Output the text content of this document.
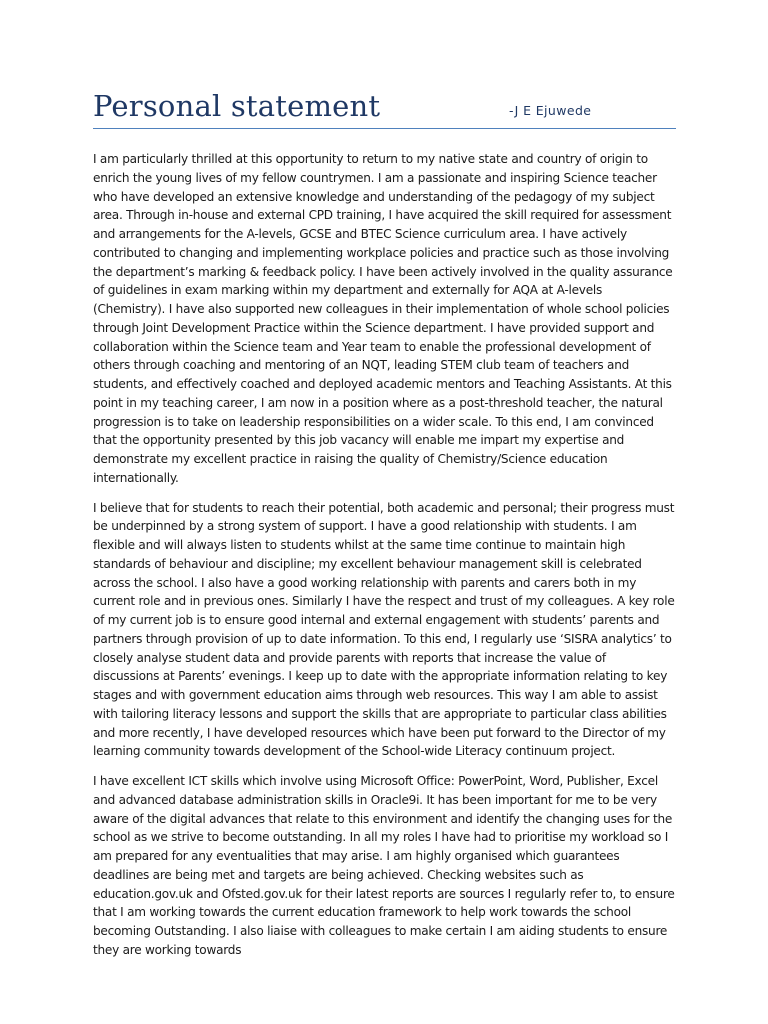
Personal statement	-J E Ejuwede

I am particularly thrilled at this opportunity to return to my native state and country of origin to enrich the young lives of my fellow countrymen. I am a passionate and inspiring Science teacher who have developed an extensive knowledge and understanding of the pedagogy of my subject area. Through in-house and external CPD training, I have acquired the skill required for assessment and arrangements for the A-levels, GCSE and BTEC Science curriculum area. I have actively contributed to changing and implementing workplace policies and practice such as those involving the department’s marking & feedback policy. I have been actively involved in the quality assurance of guidelines in exam marking within my department and externally for AQA at A-levels (Chemistry). I have also supported new colleagues in their implementation of whole school policies through Joint Development Practice within the Science department. I have provided support and collaboration within the Science team and Year team to enable the professional development of others through coaching and mentoring of an NQT, leading STEM club team of teachers and students, and effectively coached and deployed academic mentors and Teaching Assistants. At this point in my teaching career, I am now in a position where as a post-threshold teacher, the natural progression is to take on leadership responsibilities on a wider scale. To this end, I am convinced that the opportunity presented by this job vacancy will enable me impart my expertise and demonstrate my excellent practice in raising the quality of Chemistry/Science education internationally.

I believe that for students to reach their potential, both academic and personal; their progress must be underpinned by a strong system of support. I have a good relationship with students. I am flexible and will always listen to students whilst at the same time continue to maintain high standards of behaviour and discipline; my excellent behaviour management skill is celebrated across the school. I also have a good working relationship with parents and carers both in my current role and in previous ones. Similarly I have the respect and trust of my colleagues. A key role of my current job is to ensure good internal and external engagement with students’ parents and partners through provision of up to date information. To this end, I regularly use ‘SISRA analytics’ to closely analyse student data and provide parents with reports that increase the value of discussions at Parents’ evenings. I keep up to date with the appropriate information relating to key stages and with government education aims through web resources. This way I am able to assist with tailoring literacy lessons and support the skills that are appropriate to particular class abilities and more recently, I have developed resources which have been put forward to the Director of my learning community towards development of the School-wide Literacy continuum project.

I have excellent ICT skills which involve using Microsoft Office: PowerPoint, Word, Publisher, Excel and advanced database administration skills in Oracle9i. It has been important for me to be very aware of the digital advances that relate to this environment and identify the changing uses for the school as we strive to become outstanding. In all my roles I have had to prioritise my workload so I am prepared for any eventualities that may arise. I am highly organised which guarantees deadlines are being met and targets are being achieved. Checking websites such as education.gov.uk and Ofsted.gov.uk for their latest reports are sources I regularly refer to, to ensure that I am working towards the current education framework to help work towards the school becoming Outstanding. I also liaise with colleagues to make certain I am aiding students to ensure they are working towards
